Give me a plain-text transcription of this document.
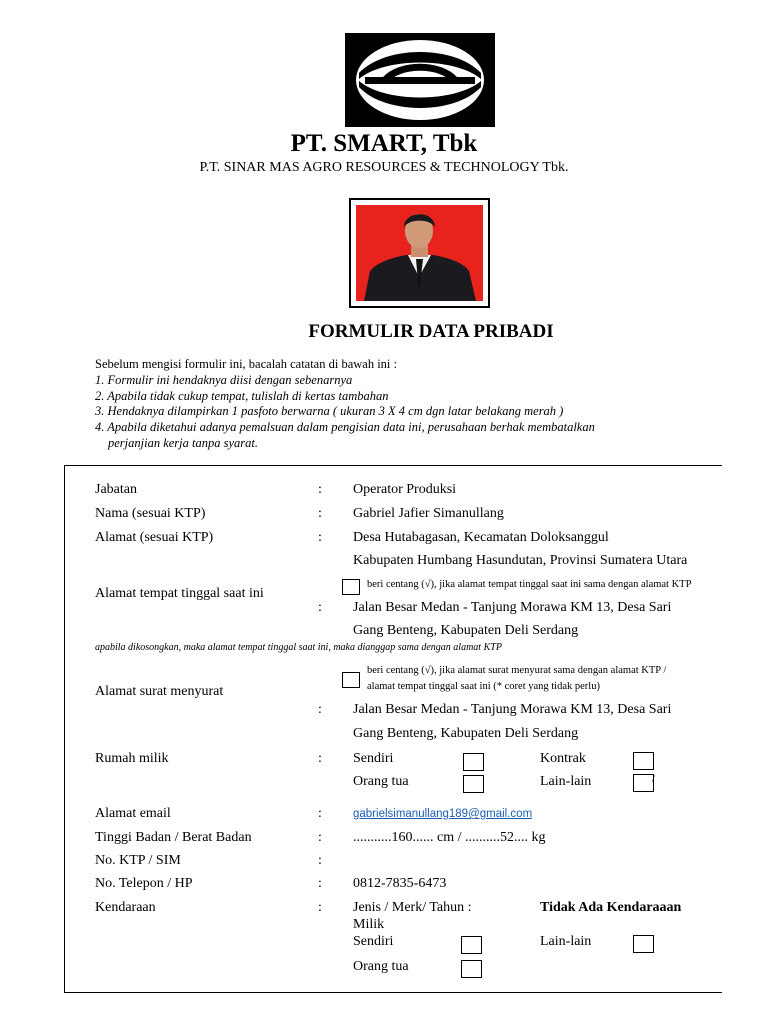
PT. SMART, Tbk
P.T. SINAR MAS AGRO RESOURCES & TECHNOLOGY Tbk.
FORMULIR DATA PRIBADI
Sebelum mengisi formulir ini, bacalah catatan di bawah ini :
1. Formulir ini hendaknya diisi dengan sebenarnya
2. Apabila tidak cukup tempat, tulislah di kertas tambahan
3. Hendaknya dilampirkan 1 pasfoto berwarna ( ukuran 3 X 4 cm dgn latar belakang merah )
4. Apabila diketahui adanya pemalsuan dalam pengisian data ini, perusahaan berhak membatalkan
perjanjian kerja tanpa syarat.
Jabatan	: Operator Produksi
Nama (sesuai KTP)	: Gabriel Jafier Simanullang
Alamat (sesuai KTP)	: Desa Hutabagasan, Kecamatan Doloksanggul
Kabupaten Humbang Hasundutan, Provinsi Sumatera Utara
beri centang (√), jika alamat tempat tinggal saat ini sama dengan alamat KTP
Alamat tempat tinggal saat ini
: Jalan Besar Medan - Tanjung Morawa KM 13, Desa Sari
Gang Benteng, Kabupaten Deli Serdang
apabila dikosongkan, maka alamat tempat tinggal saat ini, maka dianggap sama dengan alamat KTP
beri centang (√), jika alamat surat menyurat sama dengan alamat KTP /
alamat tempat tinggal saat ini (* coret yang tidak perlu)
Alamat surat menyurat
: Jalan Besar Medan - Tanjung Morawa KM 13, Desa Sari
Gang Benteng, Kabupaten Deli Serdang
Rumah milik	: Sendiri	Kontrak
Orang tua	Lain-lain	/
Alamat email	:	gabrielsimanullang189@gmail.com
Tinggi Badan / Berat Badan	: ...........160...... cm / ..........52.... kg
No. KTP / SIM	:
No. Telepon / HP	: 0812-7835-6473
Kendaraan	: Jenis / Merk/ Tahun :	Tidak Ada Kendaraaan
Milik
Sendiri	Lain-lain
Orang tua
